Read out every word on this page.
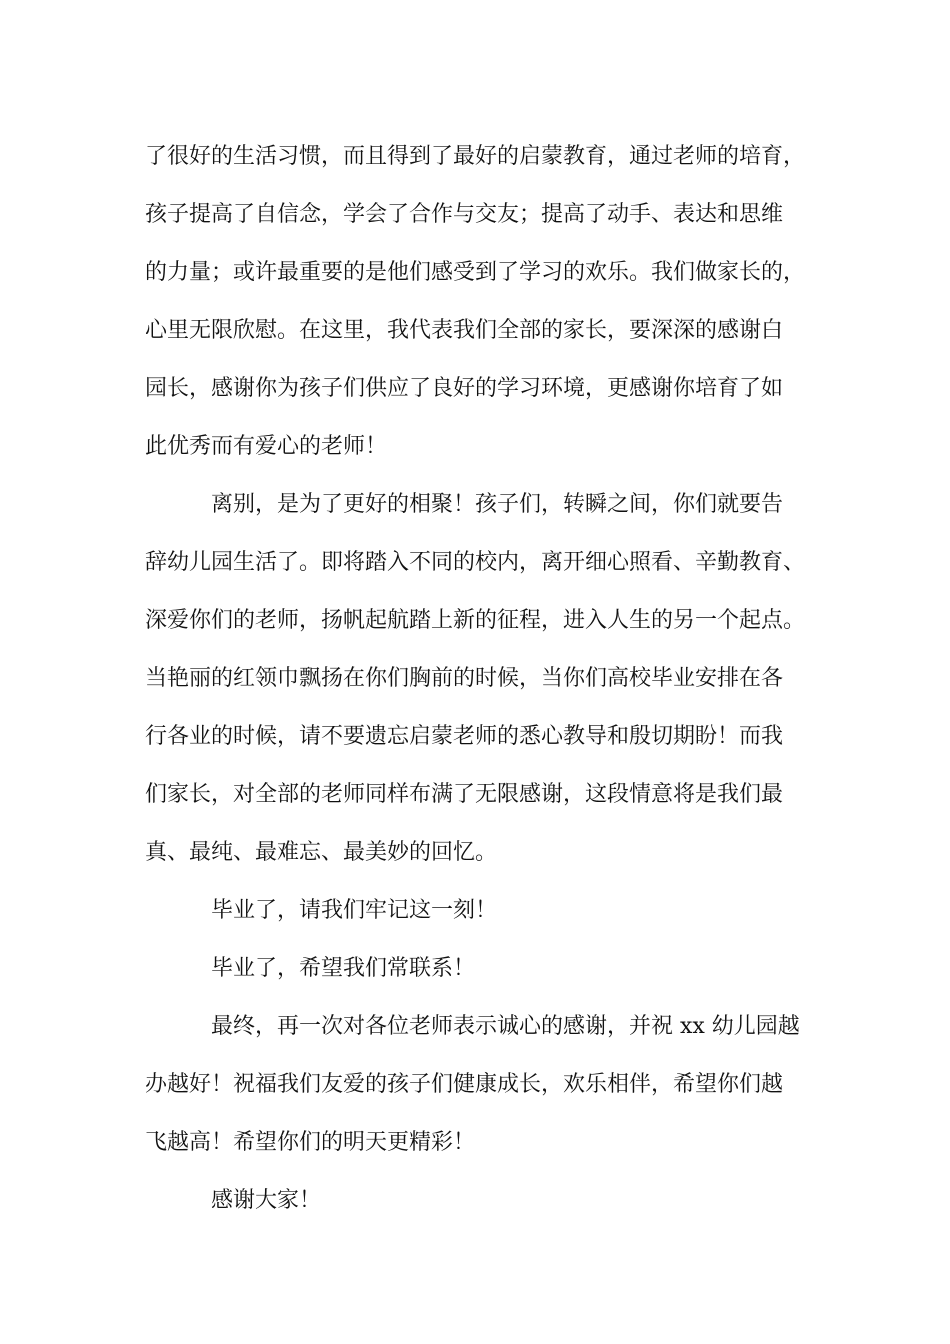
了很好的生活习惯，而且得到了最好的启蒙教育，通过老师的培育，
孩子提高了自信念，学会了合作与交友；提高了动手、表达和思维
的力量；或许最重要的是他们感受到了学习的欢乐。我们做家长的，
心里无限欣慰。在这里，我代表我们全部的家长，要深深的感谢白
园长，感谢你为孩子们供应了良好的学习环境，更感谢你培育了如
此优秀而有爱心的老师！
离别，是为了更好的相聚！孩子们，转瞬之间，你们就要告
辞幼儿园生活了。即将踏入不同的校内，离开细心照看、辛勤教育、
深爱你们的老师，扬帆起航踏上新的征程，进入人生的另一个起点。
当艳丽的红领巾飘扬在你们胸前的时候，当你们高校毕业安排在各
行各业的时候，请不要遗忘启蒙老师的悉心教导和殷切期盼！而我
们家长，对全部的老师同样布满了无限感谢，这段情意将是我们最
真、最纯、最难忘、最美妙的回忆。
毕业了，请我们牢记这一刻！
毕业了，希望我们常联系！
最终，再一次对各位老师表示诚心的感谢，并祝 xx 幼儿园越
办越好！祝福我们友爱的孩子们健康成长，欢乐相伴，希望你们越
飞越高！希望你们的明天更精彩！
感谢大家！
